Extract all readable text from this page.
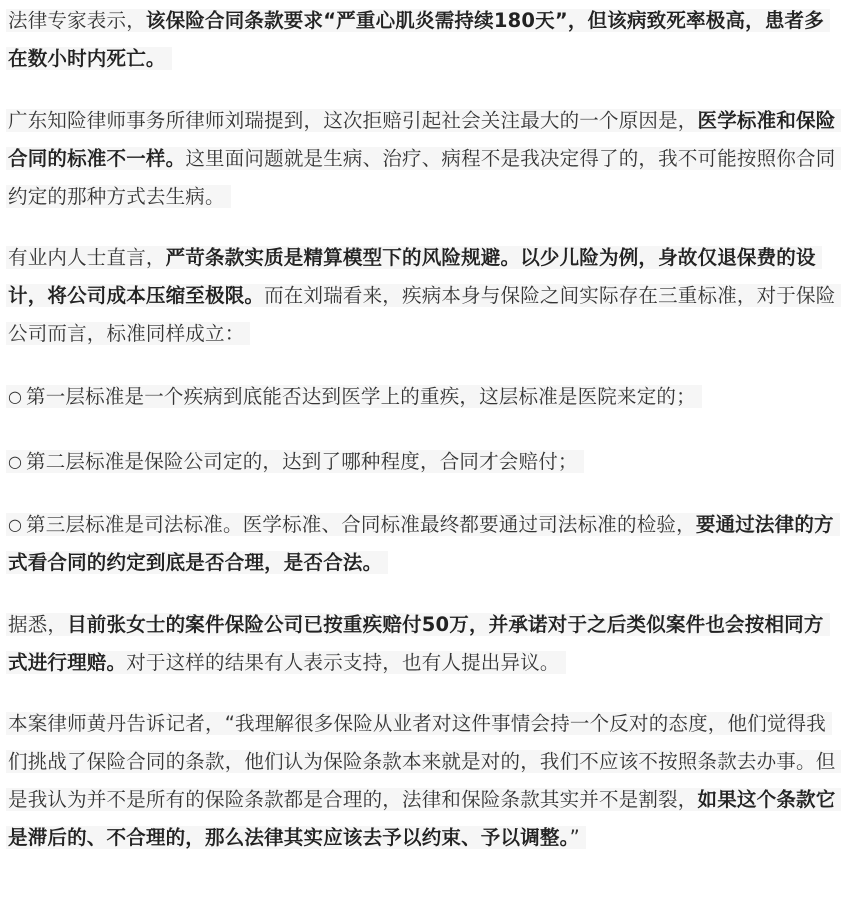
法律专家表示，该保险合同条款要求“严重心肌炎需持续180天”，但该病致死率极高，患者多在数小时内死亡。

广东知险律师事务所律师刘瑞提到，这次拒赔引起社会关注最大的一个原因是，医学标准和保险合同的标准不一样。这里面问题就是生病、治疗、病程不是我决定得了的，我不可能按照你合同约定的那种方式去生病。

有业内人士直言，严苛条款实质是精算模型下的风险规避。以少儿险为例，身故仅退保费的设计，将公司成本压缩至极限。而在刘瑞看来，疾病本身与保险之间实际存在三重标准，对于保险公司而言，标准同样成立：

○ 第一层标准是一个疾病到底能否达到医学上的重疾，这层标准是医院来定的；

○ 第二层标准是保险公司定的，达到了哪种程度，合同才会赔付；

○ 第三层标准是司法标准。医学标准、合同标准最终都要通过司法标准的检验，要通过法律的方式看合同的约定到底是否合理，是否合法。

据悉，目前张女士的案件保险公司已按重疾赔付50万，并承诺对于之后类似案件也会按相同方式进行理赔。对于这样的结果有人表示支持，也有人提出异议。

本案律师黄丹告诉记者，“我理解很多保险从业者对这件事情会持一个反对的态度，他们觉得我们挑战了保险合同的条款，他们认为保险条款本来就是对的，我们不应该不按照条款去办事。但是我认为并不是所有的保险条款都是合理的，法律和保险条款其实并不是割裂，如果这个条款它是滞后的、不合理的，那么法律其实应该去予以约束、予以调整。”
